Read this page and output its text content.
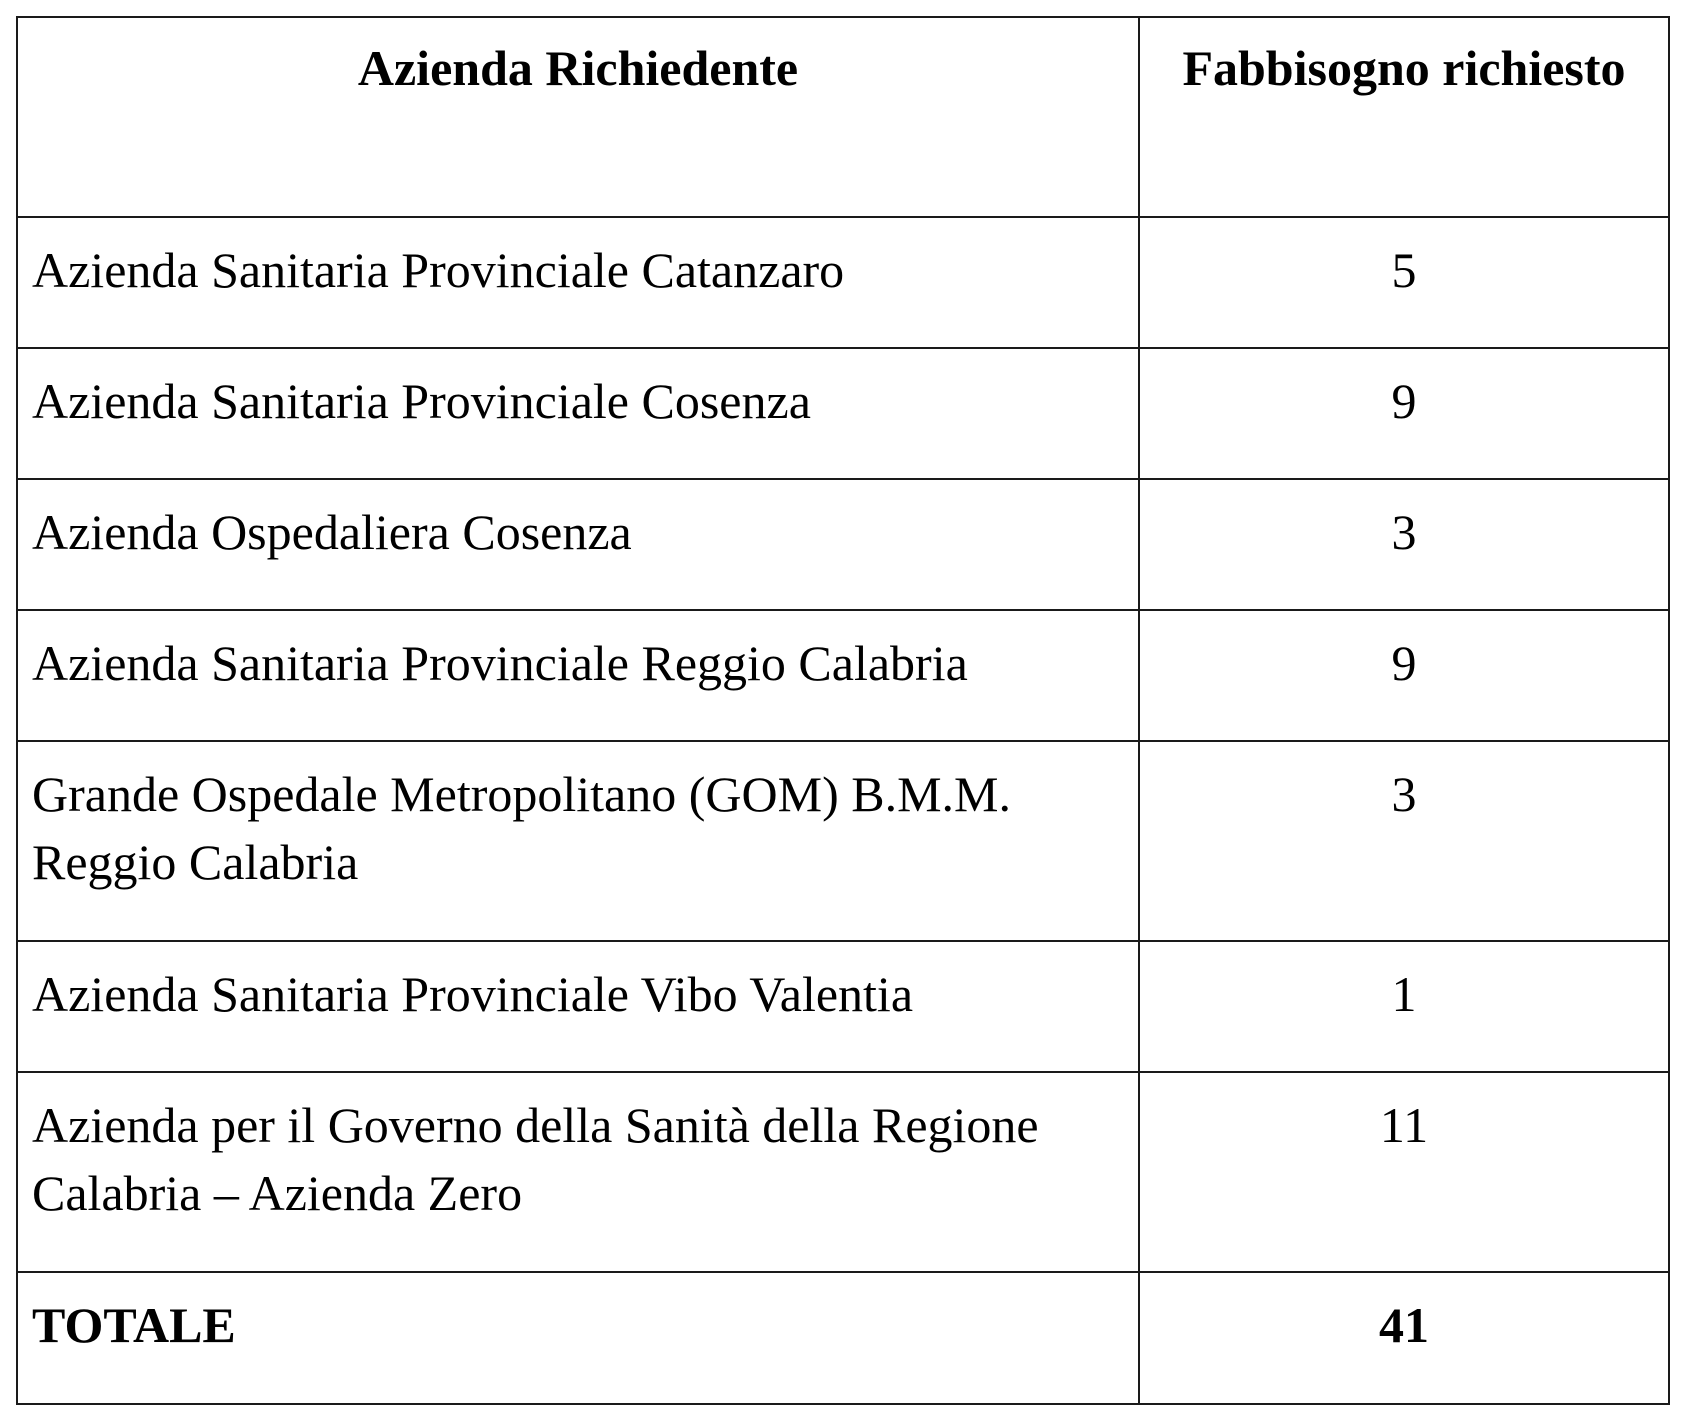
Azienda Richiedente	Fabbisogno richiesto

Azienda Sanitaria Provinciale Catanzaro	5

Azienda Sanitaria Provinciale Cosenza	9

Azienda Ospedaliera Cosenza	3

Azienda Sanitaria Provinciale Reggio Calabria	9

Grande Ospedale Metropolitano (GOM) B.M.M. Reggio Calabria	3

Azienda Sanitaria Provinciale Vibo Valentia	1

Azienda per il Governo della Sanità della Regione Calabria – Azienda Zero	11

TOTALE	41
